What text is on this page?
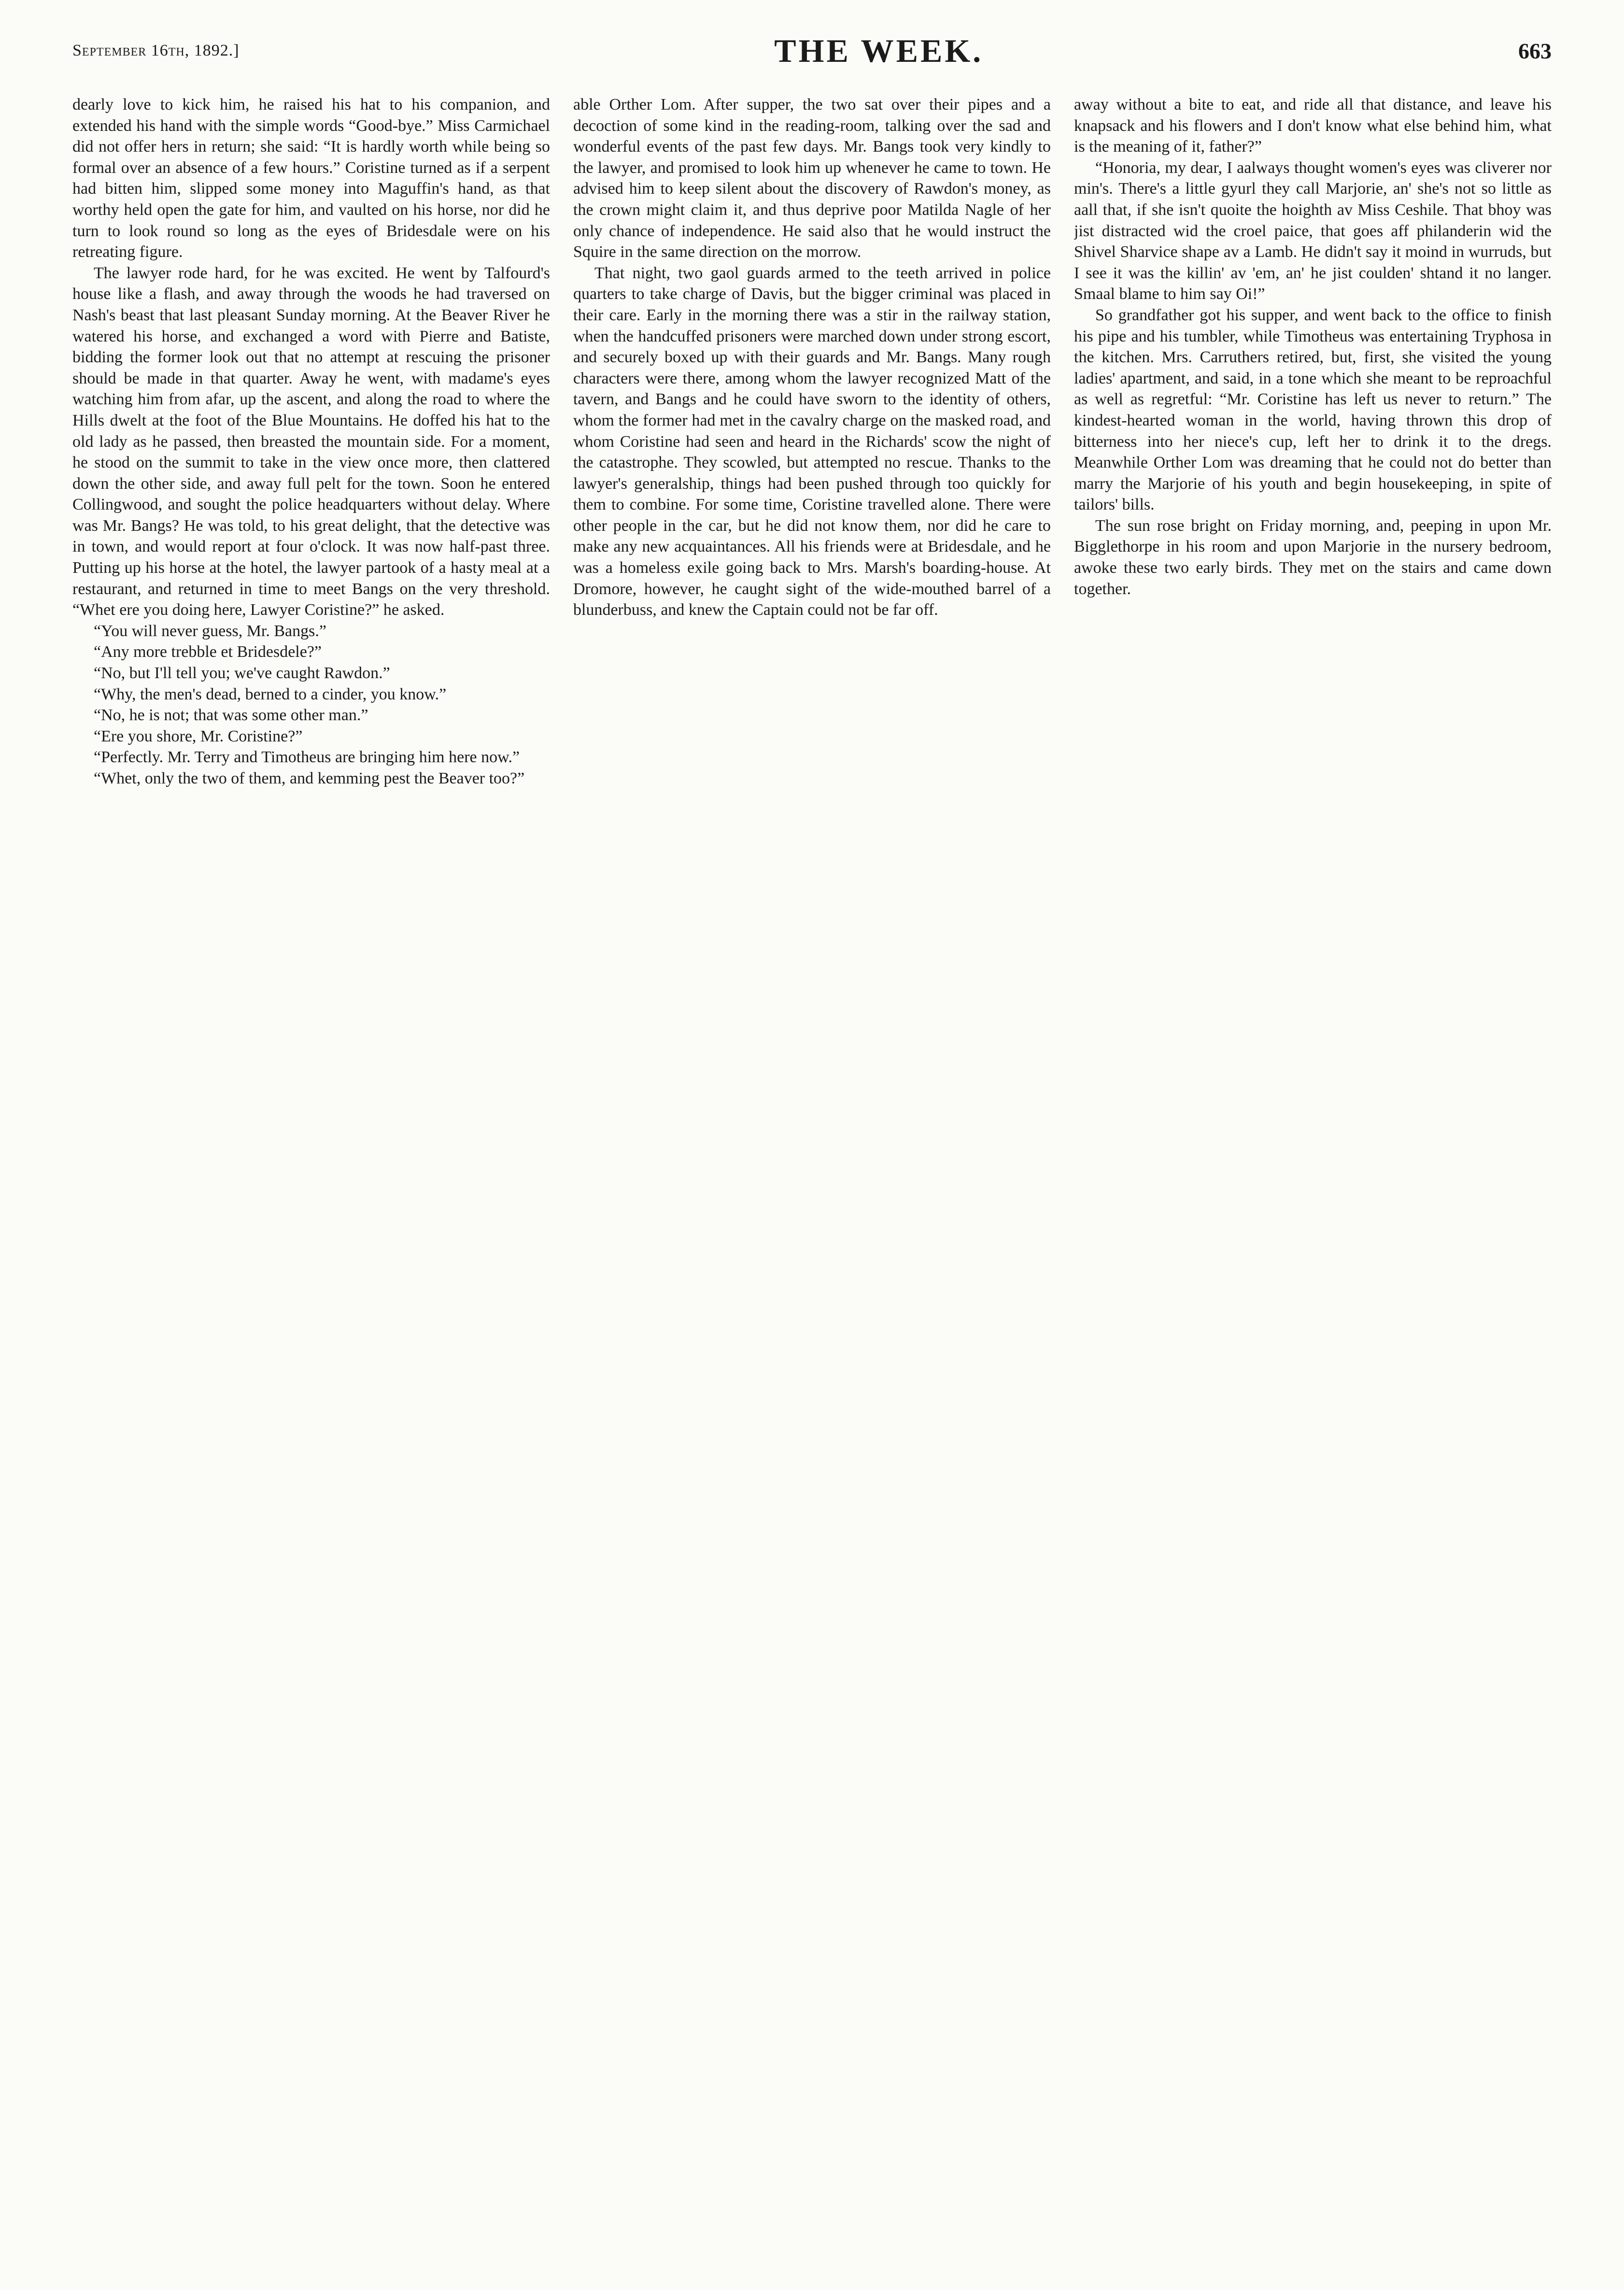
September 16th, 1892.]	THE WEEK.	663

dearly love to kick him, he raised his hat to his companion, and extended his hand with the simple words “Good-bye.” Miss Carmichael did not offer hers in return; she said: “It is hardly worth while being so formal over an absence of a few hours.” Coristine turned as if a serpent had bitten him, slipped some money into Maguffin's hand, as that worthy held open the gate for him, and vaulted on his horse, nor did he turn to look round so long as the eyes of Bridesdale were on his retreating figure.

The lawyer rode hard, for he was excited. He went by Talfourd's house like a flash, and away through the woods he had traversed on Nash's beast that last pleasant Sunday morning. At the Beaver River he watered his horse, and exchanged a word with Pierre and Batiste, bidding the former look out that no attempt at rescuing the prisoner should be made in that quarter. Away he went, with madame's eyes watching him from afar, up the ascent, and along the road to where the Hills dwelt at the foot of the Blue Mountains. He doffed his hat to the old lady as he passed, then breasted the mountain side. For a moment, he stood on the summit to take in the view once more, then clattered down the other side, and away full pelt for the town. Soon he entered Collingwood, and sought the police headquarters without delay. Where was Mr. Bangs? He was told, to his great delight, that the detective was in town, and would report at four o'clock. It was now half-past three. Putting up his horse at the hotel, the lawyer partook of a hasty meal at a restaurant, and returned in time to meet Bangs on the very threshold. “Whet ere you doing here, Lawyer Coristine?” he asked.

“You will never guess, Mr. Bangs.”

“Any more trebble et Bridesdele?”

“No, but I'll tell you; we've caught Rawdon.”

“Why, the men's dead, berned to a cinder, you know.”

“No, he is not; that was some other man.”

“Ere you shore, Mr. Coristine?”

“Perfectly. Mr. Terry and Timotheus are bringing him here now.”

“Whet, only the two of them, and kemming pest the Beaver too?”

able Orther Lom. After supper, the two sat over their pipes and a decoction of some kind in the reading-room, talking over the sad and wonderful events of the past few days. Mr. Bangs took very kindly to the lawyer, and promised to look him up whenever he came to town. He advised him to keep silent about the discovery of Rawdon's money, as the crown might claim it, and thus deprive poor Matilda Nagle of her only chance of independence. He said also that he would instruct the Squire in the same direction on the morrow.

That night, two gaol guards armed to the teeth arrived in police quarters to take charge of Davis, but the bigger criminal was placed in their care. Early in the morning there was a stir in the railway station, when the handcuffed prisoners were marched down under strong escort, and securely boxed up with their guards and Mr. Bangs. Many rough characters were there, among whom the lawyer recognized Matt of the tavern, and Bangs and he could have sworn to the identity of others, whom the former had met in the cavalry charge on the masked road, and whom Coristine had seen and heard in the Richards' scow the night of the catastrophe. They scowled, but attempted no rescue. Thanks to the lawyer's generalship, things had been pushed through too quickly for them to combine. For some time, Coristine travelled alone. There were other people in the car, but he did not know them, nor did he care to make any new acquaintances. All his friends were at Bridesdale, and he was a homeless exile going back to Mrs. Marsh's boarding-house. At Dromore, however, he caught sight of the wide-mouthed barrel of a blunderbuss, and knew the Captain could not be far off.

away without a bite to eat, and ride all that distance, and leave his knapsack and his flowers and I don't know what else behind him, what is the meaning of it, father?”

“Honoria, my dear, I aalways thought women's eyes was cliverer nor min's. There's a little gyurl they call Marjorie, an' she's not so little as aall that, if she isn't quoite the hoighth av Miss Ceshile. That bhoy was jist distracted wid the croel paice, that goes aff philanderin wid the Shivel Sharvice shape av a Lamb. He didn't say it moind in wurruds, but I see it was the killin' av 'em, an' he jist coulden' shtand it no langer. Smaal blame to him say Oi!”

So grandfather got his supper, and went back to the office to finish his pipe and his tumbler, while Timotheus was entertaining Tryphosa in the kitchen. Mrs. Carruthers retired, but, first, she visited the young ladies' apartment, and said, in a tone which she meant to be reproachful as well as regretful: “Mr. Coristine has left us never to return.” The kindest-hearted woman in the world, having thrown this drop of bitterness into her niece's cup, left her to drink it to the dregs. Meanwhile Orther Lom was dreaming that he could not do better than marry the Marjorie of his youth and begin housekeeping, in spite of tailors' bills.

The sun rose bright on Friday morning, and, peeping in upon Mr. Bigglethorpe in his room and upon Marjorie in the nursery bedroom, awoke these two early birds. They met on the stairs and came down together.
